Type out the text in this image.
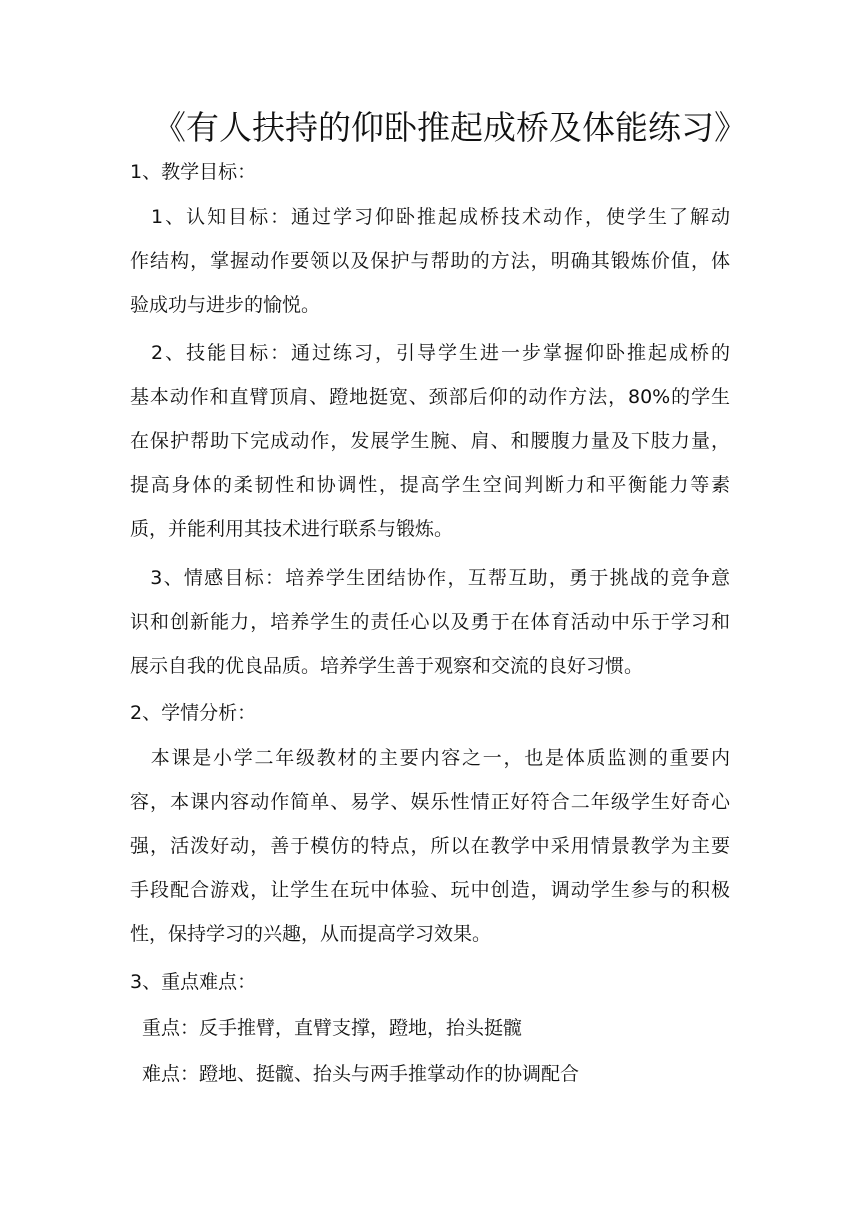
《有人扶持的仰卧推起成桥及体能练习》
1、教学目标：
　1、认知目标：通过学习仰卧推起成桥技术动作，使学生了解动
作结构，掌握动作要领以及保护与帮助的方法，明确其锻炼价值，体
验成功与进步的愉悦。
　2、技能目标：通过练习，引导学生进一步掌握仰卧推起成桥的
基本动作和直臂顶肩、蹬地挺宽、颈部后仰的动作方法，80%的学生
在保护帮助下完成动作，发展学生腕、肩、和腰腹力量及下肢力量，
提高身体的柔韧性和协调性，提高学生空间判断力和平衡能力等素
质，并能利用其技术进行联系与锻炼。
　3、情感目标：培养学生团结协作，互帮互助，勇于挑战的竞争意
识和创新能力，培养学生的责任心以及勇于在体育活动中乐于学习和
展示自我的优良品质。培养学生善于观察和交流的良好习惯。
2、学情分析：
　本课是小学二年级教材的主要内容之一，也是体质监测的重要内
容，本课内容动作简单、易学、娱乐性情正好符合二年级学生好奇心
强，活泼好动，善于模仿的特点，所以在教学中采用情景教学为主要
手段配合游戏，让学生在玩中体验、玩中创造，调动学生参与的积极
性，保持学习的兴趣，从而提高学习效果。
3、重点难点：
重点：反手推臂，直臂支撑，蹬地，抬头挺髋
难点：蹬地、挺髋、抬头与两手推掌动作的协调配合
